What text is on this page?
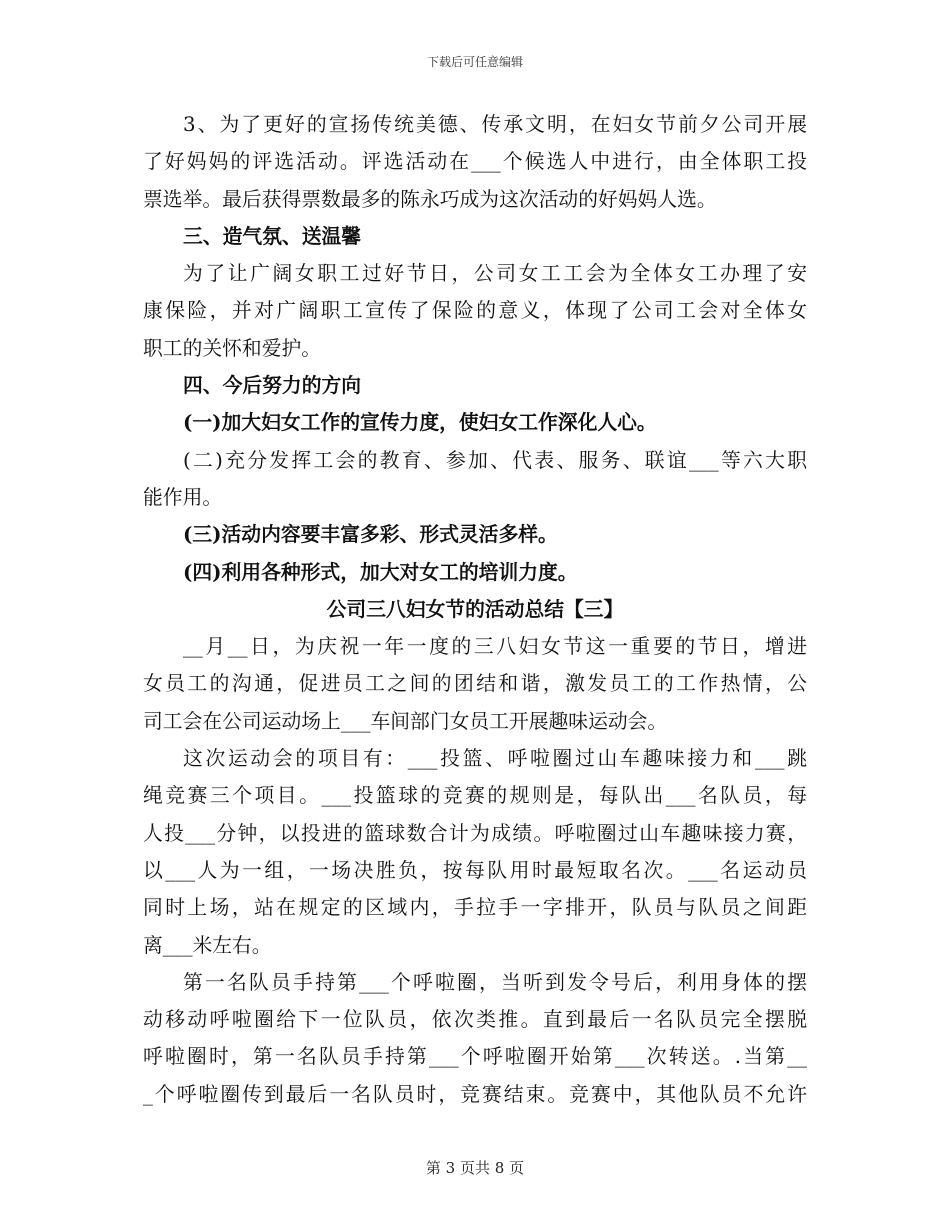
下载后可任意编辑
3、为了更好的宣扬传统美德、传承文明，在妇女节前夕公司开展
了好妈妈的评选活动。评选活动在___个候选人中进行，由全体职工投
票选举。最后获得票数最多的陈永巧成为这次活动的好妈妈人选。
三、造气氛、送温馨
为了让广阔女职工过好节日，公司女工工会为全体女工办理了安
康保险，并对广阔职工宣传了保险的意义，体现了公司工会对全体女
职工的关怀和爱护。
四、今后努力的方向
(一)加大妇女工作的宣传力度，使妇女工作深化人心。
(二)充分发挥工会的教育、参加、代表、服务、联谊___等六大职
能作用。
(三)活动内容要丰富多彩、形式灵活多样。
(四)利用各种形式，加大对女工的培训力度。
公司三八妇女节的活动总结【三】
__月__日，为庆祝一年一度的三八妇女节这一重要的节日，增进
女员工的沟通，促进员工之间的团结和谐，激发员工的工作热情，公
司工会在公司运动场上___车间部门女员工开展趣味运动会。
这次运动会的项目有：___投篮、呼啦圈过山车趣味接力和___跳
绳竞赛三个项目。___投篮球的竞赛的规则是，每队出___名队员，每
人投___分钟，以投进的篮球数合计为成绩。呼啦圈过山车趣味接力赛，
以___人为一组，一场决胜负，按每队用时最短取名次。___名运动员
同时上场，站在规定的区域内，手拉手一字排开，队员与队员之间距
离___米左右。
第一名队员手持第___个呼啦圈，当听到发令号后，利用身体的摆
动移动呼啦圈给下一位队员，依次类推。直到最后一名队员完全摆脱
呼啦圈时，第一名队员手持第___个呼啦圈开始第___次转送。.当第__
_个呼啦圈传到最后一名队员时，竞赛结束。竞赛中，其他队员不允许
第 3 页共 8 页
